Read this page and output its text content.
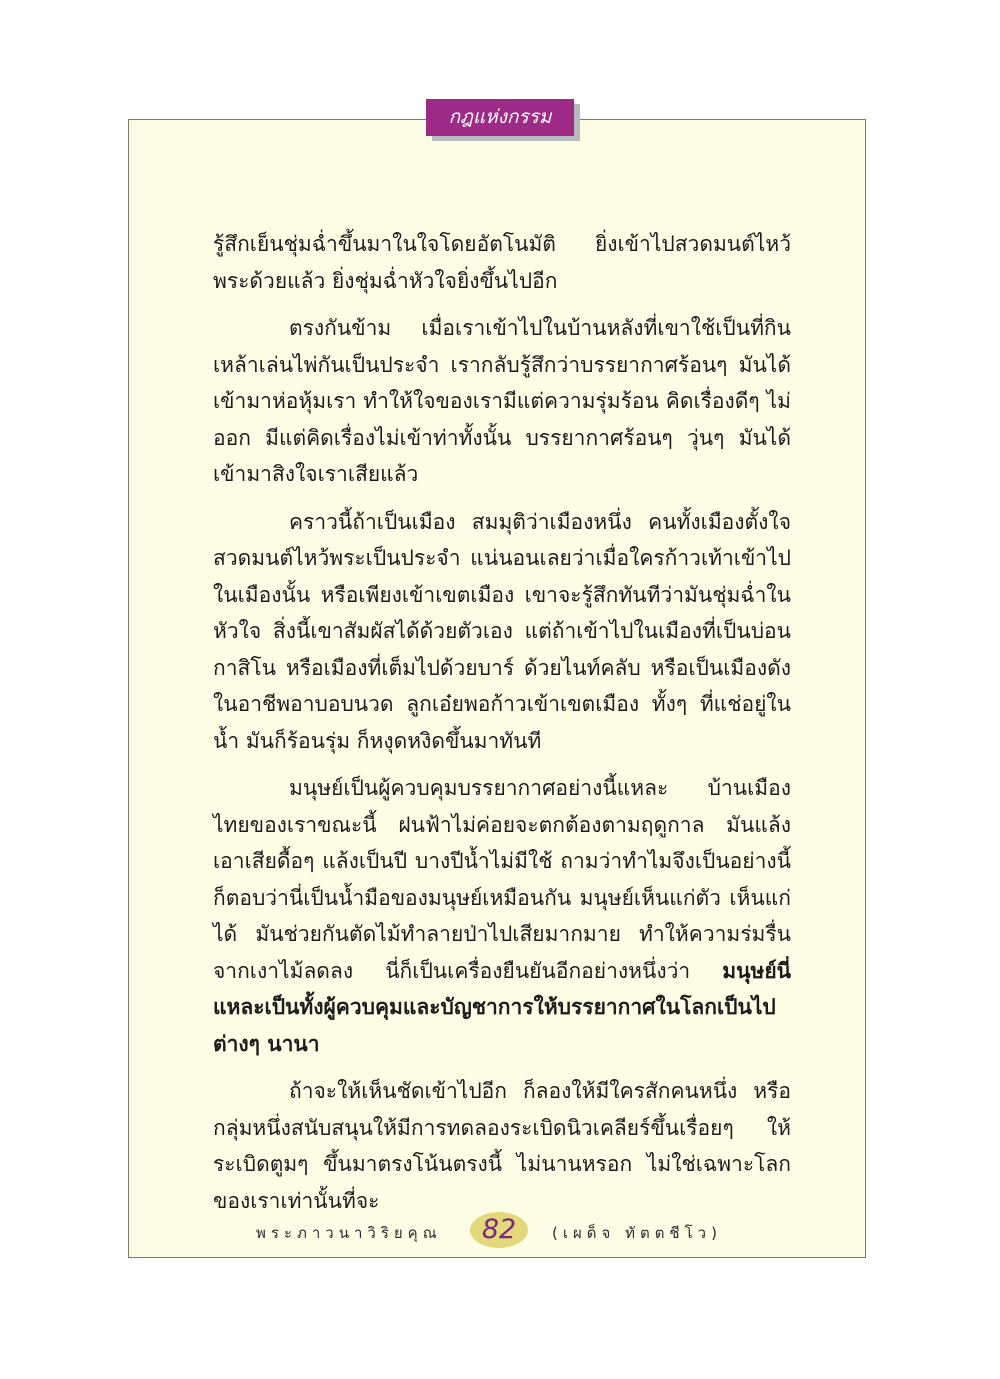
กฎแห่งกรรม

รู้สึกเย็นชุ่มฉ่ำขึ้นมาในใจโดยอัตโนมัติ ยิ่งเข้าไปสวดมนต์ไหว้พระด้วยแล้ว ยิ่งชุ่มฉ่ำหัวใจยิ่งขึ้นไปอีก

ตรงกันข้าม เมื่อเราเข้าไปในบ้านหลังที่เขาใช้เป็นที่กินเหล้าเล่นไพ่กันเป็นประจำ เรากลับรู้สึกว่าบรรยากาศร้อนๆ มันได้เข้ามาห่อหุ้มเรา ทำให้ใจของเรามีแต่ความรุ่มร้อน คิดเรื่องดีๆ ไม่ออก มีแต่คิดเรื่องไม่เข้าท่าทั้งนั้น บรรยากาศร้อนๆ วุ่นๆ มันได้เข้ามาสิงใจเราเสียแล้ว

คราวนี้ถ้าเป็นเมือง สมมุติว่าเมืองหนึ่ง คนทั้งเมืองตั้งใจสวดมนต์ไหว้พระเป็นประจำ แน่นอนเลยว่าเมื่อใครก้าวเท้าเข้าไปในเมืองนั้น หรือเพียงเข้าเขตเมือง เขาจะรู้สึกทันทีว่ามันชุ่มฉ่ำในหัวใจ สิ่งนี้เขาสัมผัสได้ด้วยตัวเอง แต่ถ้าเข้าไปในเมืองที่เป็นบ่อนกาสิโน หรือเมืองที่เต็มไปด้วยบาร์ ด้วยไนท์คลับ หรือเป็นเมืองดังในอาชีพอาบอบนวด ลูกเอ๋ยพอก้าวเข้าเขตเมือง ทั้งๆ ที่แช่อยู่ในน้ำ มันก็ร้อนรุ่ม ก็หงุดหงิดขึ้นมาทันที

มนุษย์เป็นผู้ควบคุมบรรยากาศอย่างนี้แหละ บ้านเมืองไทยของเราขณะนี้ ฝนฟ้าไม่ค่อยจะตกต้องตามฤดูกาล มันแล้งเอาเสียดื้อๆ แล้งเป็นปี บางปีน้ำไม่มีใช้ ถามว่าทำไมจึงเป็นอย่างนี้ ก็ตอบว่านี่เป็นน้ำมือของมนุษย์เหมือนกัน มนุษย์เห็นแก่ตัว เห็นแก่ได้ มันช่วยกันตัดไม้ทำลายป่าไปเสียมากมาย ทำให้ความร่มรื่นจากเงาไม้ลดลง นี่ก็เป็นเครื่องยืนยันอีกอย่างหนึ่งว่า มนุษย์นี่แหละเป็นทั้งผู้ควบคุมและบัญชาการให้บรรยากาศในโลกเป็นไปต่างๆ นานา

ถ้าจะให้เห็นชัดเข้าไปอีก ก็ลองให้มีใครสักคนหนึ่ง หรือกลุ่มหนึ่งสนับสนุนให้มีการทดลองระเบิดนิวเคลียร์ขึ้นเรื่อยๆ ให้ระเบิดตูมๆ ขึ้นมาตรงโน้นตรงนี้ ไม่นานหรอก ไม่ใช่เฉพาะโลกของเราเท่านั้นที่จะ

พระภาวนาวิริยคุณ	82	(เผด็จ ทัตตชีโว)
